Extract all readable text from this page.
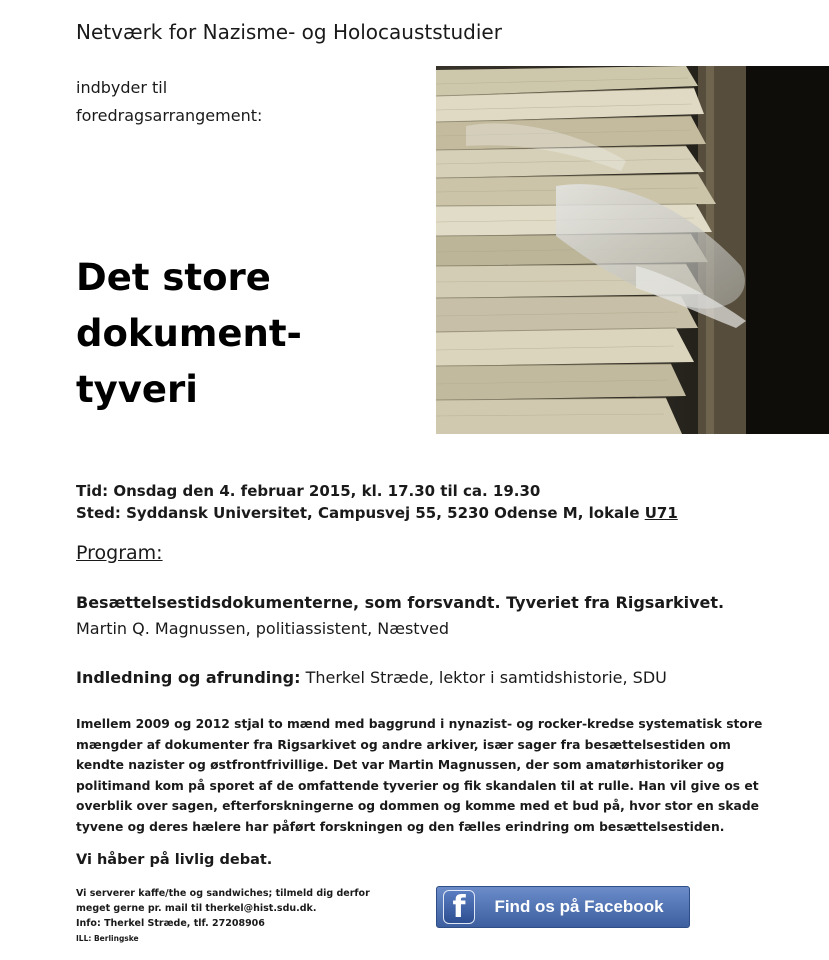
Netværk for Nazisme- og Holocauststudier
indbyder til
foredragsarrangement:
Det store
dokument-
tyveri
Tid: Onsdag den 4. februar 2015, kl. 17.30 til ca. 19.30
Sted: Syddansk Universitet, Campusvej 55, 5230 Odense M, lokale U71
Program:
Besættelsestidsdokumenterne, som forsvandt. Tyveriet fra Rigsarkivet.
Martin Q. Magnussen, politiassistent, Næstved
Indledning og afrunding: Therkel Stræde, lektor i samtidshistorie, SDU
Imellem 2009 og 2012 stjal to mænd med baggrund i nynazist- og rocker-kredse systematisk store
mængder af dokumenter fra Rigsarkivet og andre arkiver, især sager fra besættelsestiden om
kendte nazister og østfrontfrivillige. Det var Martin Magnussen, der som amatørhistoriker og
politimand kom på sporet af de omfattende tyverier og fik skandalen til at rulle. Han vil give os et
overblik over sagen, efterforskningerne og dommen og komme med et bud på, hvor stor en skade
tyvene og deres hælere har påført forskningen og den fælles erindring om besættelsestiden.
Vi håber på livlig debat.
Vi serverer kaffe/the og sandwiches; tilmeld dig derfor
meget gerne pr. mail til therkel@hist.sdu.dk.
Info: Therkel Stræde, tlf. 27208906
ILL: Berlingske
f	Find os på Facebook
